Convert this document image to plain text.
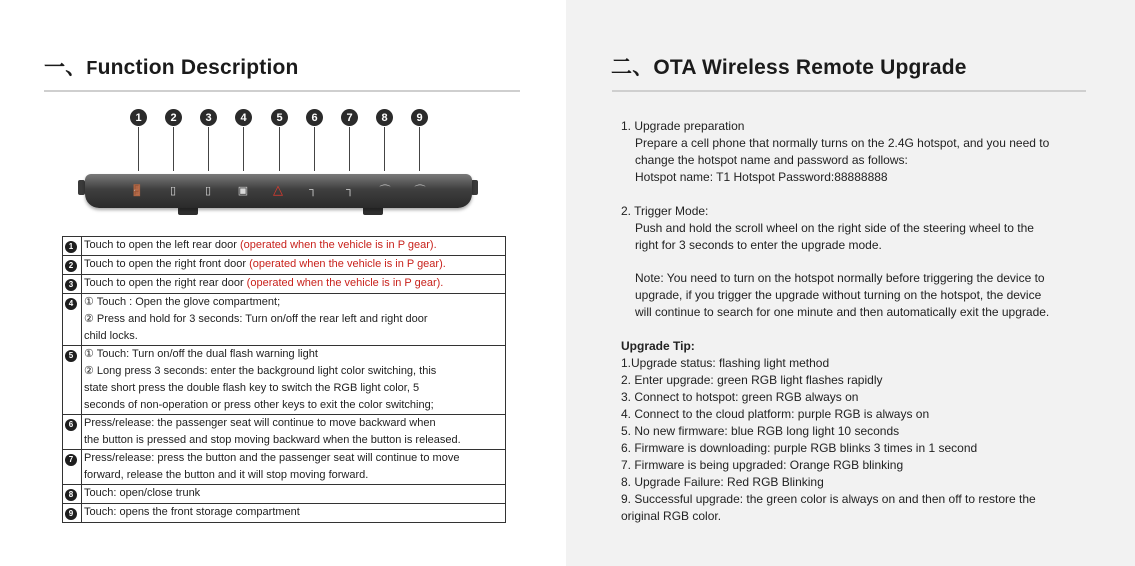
一、Function Description
1	2	3	4	5	6	7	8	9
🚪	▯	▯	▣ △	┐	┐	⌒ ⌒
1	Touch to open the left rear door (operated when the vehicle is in P gear).

2	Touch to open the right front door (operated when the vehicle is in P gear).

3	Touch to open the right rear door (operated when the vehicle is in P gear).

4	① Touch : Open the glove compartment;
② Press and hold for 3 seconds: Turn on/off the rear left and right door
child locks.

5	① Touch: Turn on/off the dual flash warning light
② Long press 3 seconds: enter the background light color switching, this
state short press the double flash key to switch the RGB light color, 5
seconds of non-operation or press other keys to exit the color switching;

6	Press/release: the passenger seat will continue to move backward when
the button is pressed and stop moving backward when the button is released.

7	Press/release: press the button and the passenger seat will continue to move
forward, release the button and it will stop moving forward.

8	Touch: open/close trunk

9	Touch: opens the front storage compartment
二、OTA Wireless Remote Upgrade
1. Upgrade preparation
Prepare a cell phone that normally turns on the 2.4G hotspot, and you need to
change the hotspot name and password as follows:
Hotspot name: T1 Hotspot Password:88888888
2. Trigger Mode:
Push and hold the scroll wheel on the right side of the steering wheel to the
right for 3 seconds to enter the upgrade mode.
Note: You need to turn on the hotspot normally before triggering the device to
upgrade, if you trigger the upgrade without turning on the hotspot, the device
will continue to search for one minute and then automatically exit the upgrade.
Upgrade Tip:
1.Upgrade status: flashing light method
2. Enter upgrade: green RGB light flashes rapidly
3. Connect to hotspot: green RGB always on
4. Connect to the cloud platform: purple RGB is always on
5. No new firmware: blue RGB long light 10 seconds
6. Firmware is downloading: purple RGB blinks 3 times in 1 second
7. Firmware is being upgraded: Orange RGB blinking
8. Upgrade Failure: Red RGB Blinking
9. Successful upgrade: the green color is always on and then off to restore the
original RGB color.
